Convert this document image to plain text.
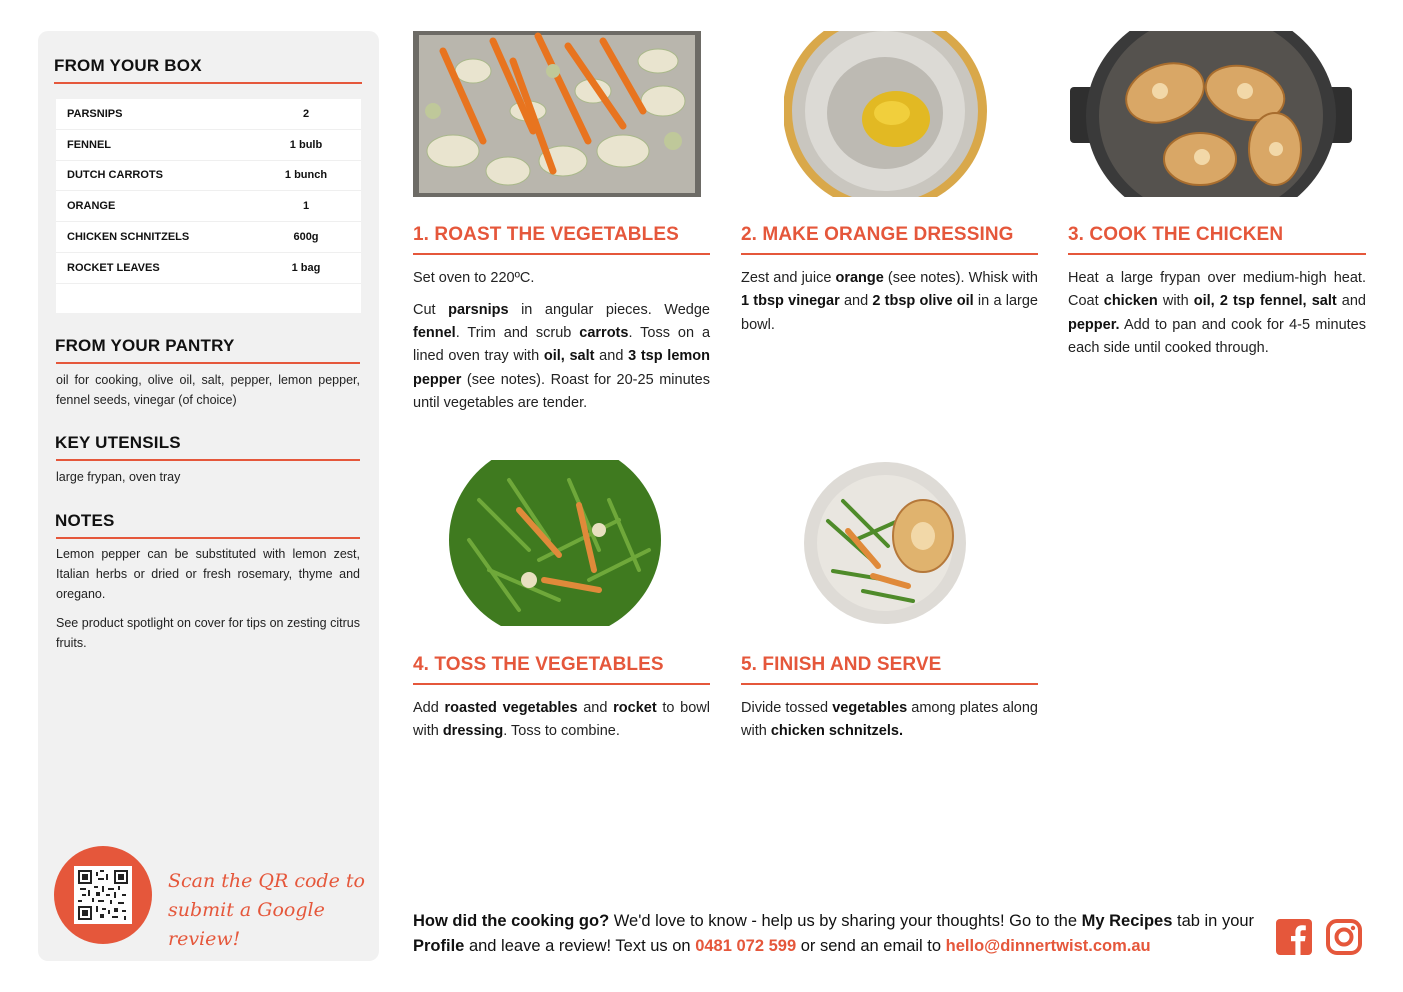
FROM YOUR BOX
PARSNIPS	2
FENNEL	1 bulb
DUTCH CARROTS	1 bunch
ORANGE	1
CHICKEN SCHNITZELS	600g
ROCKET LEAVES	1 bag
FROM YOUR PANTRY
oil for cooking, olive oil, salt, pepper, lemon pepper, fennel seeds, vinegar (of choice)
KEY UTENSILS
large frypan, oven tray
NOTES
Lemon pepper can be substituted with lemon zest, Italian herbs or dried or fresh rosemary, thyme and oregano.
See product spotlight on cover for tips on zesting citrus fruits.
Scan the QR code to
submit a Google review!
1. ROAST THE VEGETABLES

Set oven to 220ºC.

Cut parsnips in angular pieces. Wedge fennel. Trim and scrub carrots. Toss on a lined oven tray with oil, salt and 3 tsp lemon pepper (see notes). Roast for 20-25 minutes until vegetables are tender.

2. MAKE ORANGE DRESSING

Zest and juice orange (see notes). Whisk with 1 tbsp vinegar and 2 tbsp olive oil in a large bowl.

3. COOK THE CHICKEN

Heat a large frypan over medium-high heat. Coat chicken with oil, 2 tsp fennel, salt and pepper. Add to pan and cook for 4-5 minutes each side until cooked through.

4. TOSS THE VEGETABLES

Add roasted vegetables and rocket to bowl with dressing. Toss to combine.

5. FINISH AND SERVE

Divide tossed vegetables among plates along with chicken schnitzels.

How did the cooking go? We'd love to know - help us by sharing your thoughts! Go to the My Recipes tab in your Profile and leave a review! Text us on 0481 072 599 or send an email to hello@dinnertwist.com.au
